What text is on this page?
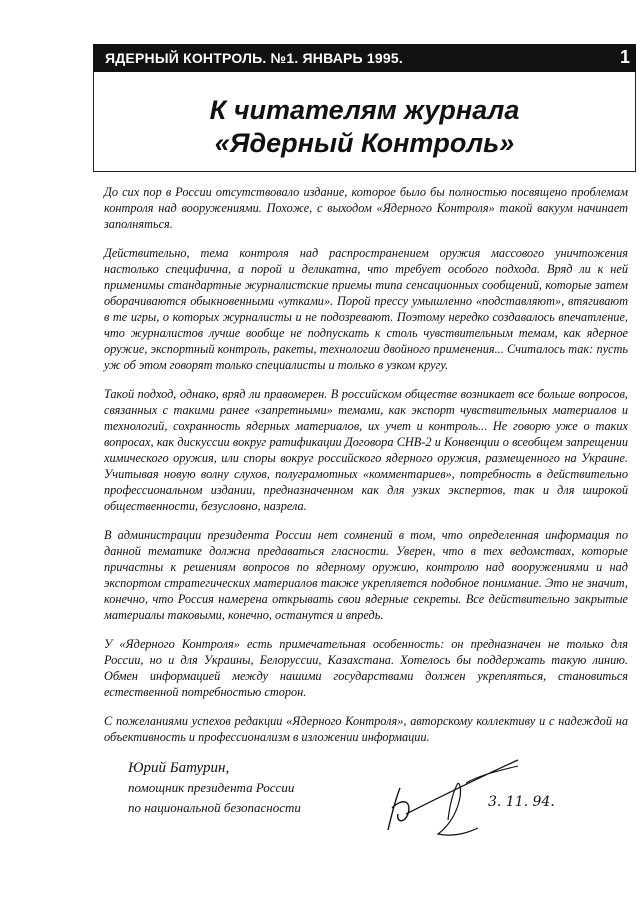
ЯДЕРНЫЙ КОНТРОЛЬ. №1. ЯНВАРЬ 1995.	1
К читателям журнала
«Ядерный Контроль»

До сих пор в России отсутствовало издание, которое было бы полностью посвящено проблемам контроля над вооружениями. Похоже, с выходом «Ядерного Контроля» такой вакуум начинает заполняться.

Действительно, тема контроля над распространением оружия массового уничтожения настолько специфична, а порой и деликатна, что требует особого подхода. Вряд ли к ней применимы стандартные журналистские приемы типа сенсационных сообщений, которые затем оборачиваются обыкновенными «утками». Порой прессу умышленно «подставляют», втягивают в те игры, о которых журналисты и не подозревают. Поэтому нередко создавалось впечатление, что журналистов лучше вообще не подпускать к столь чувствительным темам, как ядерное оружие, экспортный контроль, ракеты, технологии двойного применения... Считалось так: пусть уж об этом говорят только специалисты и только в узком кругу.

Такой подход, однако, вряд ли правомерен. В российском обществе возникает все больше вопросов, связанных с такими ранее «запретными» темами, как экспорт чувствительных материалов и технологий, сохранность ядерных материалов, их учет и контроль... Не говорю уже о таких вопросах, как дискуссии вокруг ратификации Договора СНВ-2 и Конвенции о всеобщем запрещении химического оружия, или споры вокруг российского ядерного оружия, размещенного на Украине. Учитывая новую волну слухов, полуграмотных «комментариев», потребность в действительно профессиональном издании, предназначенном как для узких экспертов, так и для широкой общественности, безусловно, назрела.

В администрации президента России нет сомнений в том, что определенная информация по данной тематике должна предаваться гласности. Уверен, что в тех ведомствах, которые причастны к решениям вопросов по ядерному оружию, контролю над вооружениями и над экспортом стратегических материалов также укрепляется подобное понимание. Это не значит, конечно, что Россия намерена открывать свои ядерные секреты. Все действительно закрытые материалы таковыми, конечно, останутся и впредь.

У «Ядерного Контроля» есть примечательная особенность: он предназначен не только для России, но и для Украины, Белоруссии, Казахстана. Хотелось бы поддержать такую линию. Обмен информацией между нашими государствами должен укрепляться, становиться естественной потребностью сторон.

С пожеланиями успехов редакции «Ядерного Контроля», авторскому коллективу и с надеждой на объективность и профессионализм в изложении информации.

Юрий Батурин,
помощник президента России
по национальной безопасности	3. 11. 94.
